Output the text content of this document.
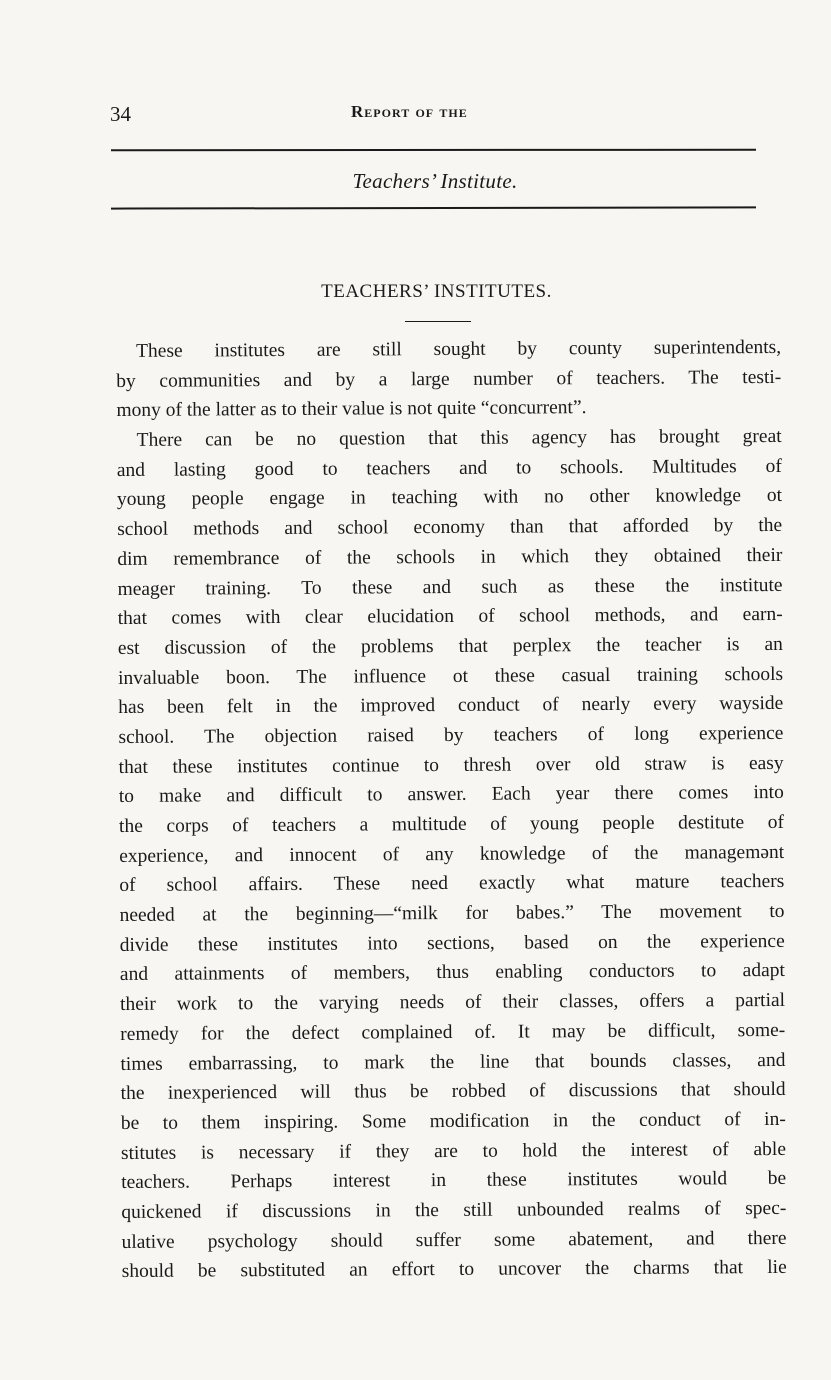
34	Report of the
Teachers’ Institute.
TEACHERS’ INSTITUTES.
These institutes are still sought by county superintendents,
by communities and by a large number of teachers. The testi-
mony of the latter as to their value is not quite “concurrent”.
There can be no question that this agency has brought great
and lasting good to teachers and to schools. Multitudes of
young people engage in teaching with no other knowledge ot
school methods and school economy than that afforded by the
dim remembrance of the schools in which they obtained their
meager training. To these and such as these the institute
that comes with clear elucidation of school methods, and earn-
est discussion of the problems that perplex the teacher is an
invaluable boon. The influence ot these casual training schools
has been felt in the improved conduct of nearly every wayside
school. The objection raised by teachers of long experience
that these institutes continue to thresh over old straw is easy
to make and difficult to answer. Each year there comes into
the corps of teachers a multitude of young people destitute of
experience, and innocent of any knowledge of the managemənt
of school affairs. These need exactly what mature teachers
needed at the beginning—“milk for babes.” The movement to
divide these institutes into sections, based on the experience
and attainments of members, thus enabling conductors to adapt
their work to the varying needs of their classes, offers a partial
remedy for the defect complained of. It may be difficult, some-
times embarrassing, to mark the line that bounds classes, and
the inexperienced will thus be robbed of discussions that should
be to them inspiring. Some modification in the conduct of in-
stitutes is necessary if they are to hold the interest of able
teachers. Perhaps interest in these institutes would be
quickened if discussions in the still unbounded realms of spec-
ulative psychology should suffer some abatement, and there
should be substituted an effort to uncover the charms that lie
